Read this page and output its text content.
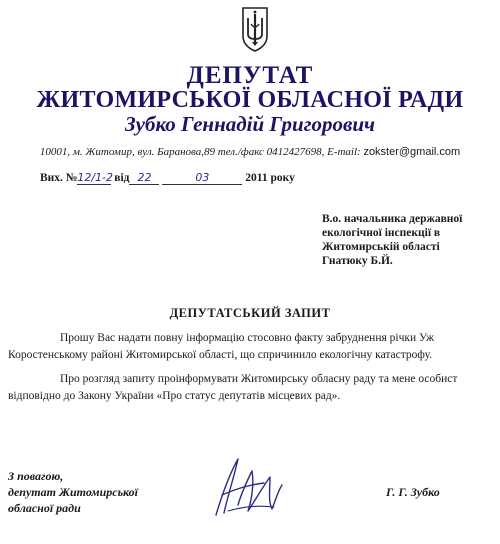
ДЕПУТАТ
ЖИТОМИРСЬКОЇ ОБЛАСНОЇ РАДИ
Зубко Геннадій Григорович
10001, м. Житомир, вул. Баранова,89 тел./факс 0412427698, E-mail: zokster@gmail.com
Вих. №12/1-2 від 22	03	2011 року
В.о. начальника державної
екологічної інспекції в
Житомирській області
Гнатюку Б.Й.
ДЕПУТАТСЬКИЙ ЗАПИТ
Прошу Вас надати повну інформацію стосовно факту забруднення річки Уж
Коростенському районі Житомирської області, що спричинило екологічну катастрофу.
Про розгляд запиту проінформувати Житомирську обласну раду та мене особист
відповідно до Закону України «Про статус депутатів місцевих рад».
З повагою,
депутат Житомирської
обласної ради
Г. Г. Зубко
